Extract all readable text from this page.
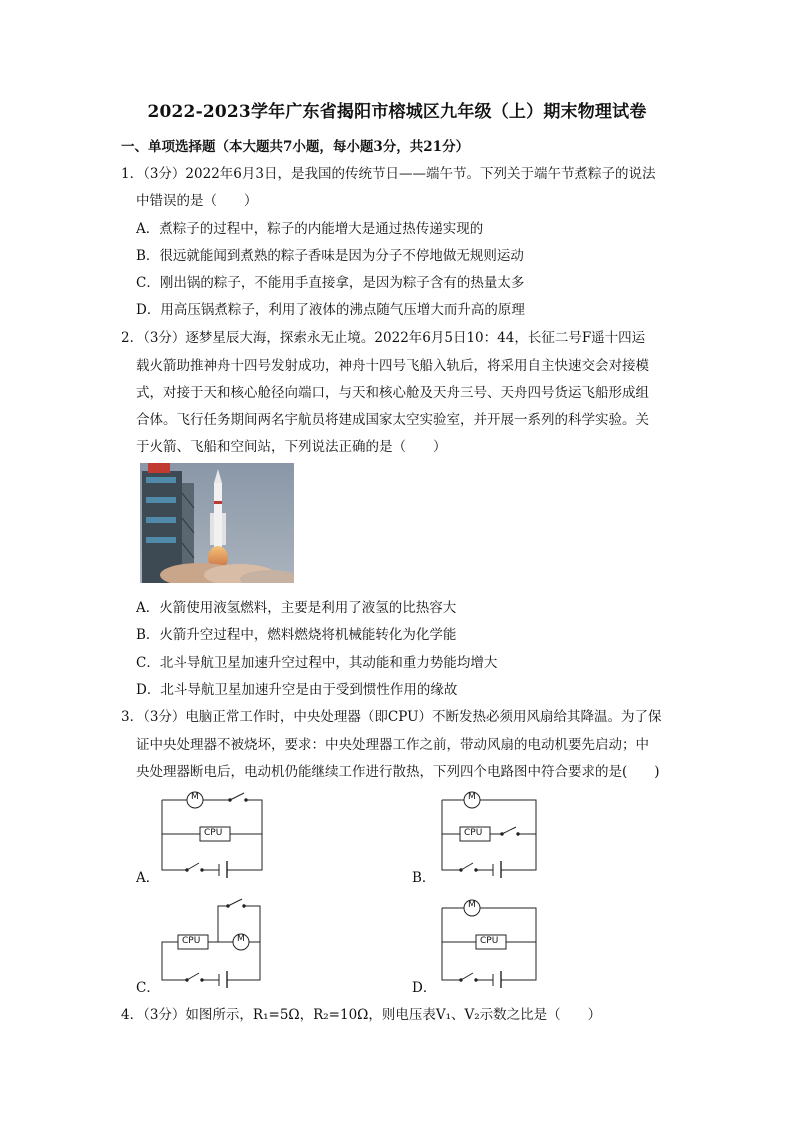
2022-2023学年广东省揭阳市榕城区九年级（上）期末物理试卷
一、单项选择题（本大题共7小题，每小题3分，共21分）
1．（3分）2022年6月3日，是我国的传统节日——端午节。下列关于端午节煮粽子的说法
中错误的是（　　）
A．煮粽子的过程中，粽子的内能增大是通过热传递实现的
B．很远就能闻到煮熟的粽子香味是因为分子不停地做无规则运动
C．刚出锅的粽子，不能用手直接拿，是因为粽子含有的热量太多
D．用高压锅煮粽子，利用了液体的沸点随气压增大而升高的原理
2．（3分）逐梦星辰大海，探索永无止境。2022年6月5日10：44，长征二号F遥十四运
载火箭助推神舟十四号发射成功，神舟十四号飞船入轨后，将采用自主快速交会对接模
式，对接于天和核心舱径向端口，与天和核心舱及天舟三号、天舟四号货运飞船形成组
合体。飞行任务期间两名宇航员将建成国家太空实验室，并开展一系列的科学实验。关
于火箭、飞船和空间站，下列说法正确的是（　　）
A．火箭使用液氢燃料，主要是利用了液氢的比热容大
B．火箭升空过程中，燃料燃烧将机械能转化为化学能
C．北斗导航卫星加速升空过程中，其动能和重力势能均增大
D．北斗导航卫星加速升空是由于受到惯性作用的缘故
3．（3分）电脑正常工作时，中央处理器（即CPU）不断发热必须用风扇给其降温。为了保
证中央处理器不被烧坏，要求：中央处理器工作之前，带动风扇的电动机要先启动；中
央处理器断电后，电动机仍能继续工作进行散热，下列四个电路图中符合要求的是(　　)
A．
M
CPU
B．
M
CPU
C．
M
CPU
D．
M
CPU
4．（3分）如图所示，R₁=5Ω，R₂=10Ω，则电压表V₁、V₂示数之比是（　　）
